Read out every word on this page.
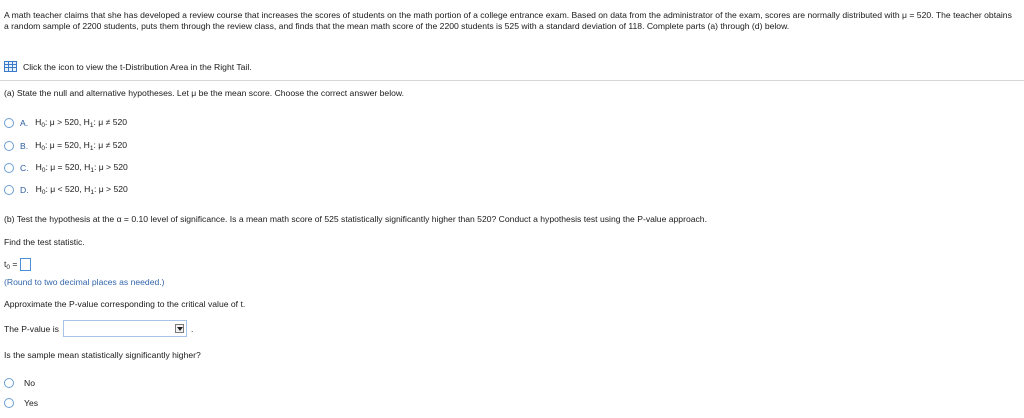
A math teacher claims that she has developed a review course that increases the scores of students on the math portion of a college entrance exam. Based on data from the administrator of the exam, scores are normally distributed with μ = 520. The teacher obtains a random sample of 2200 students, puts them through the review class, and finds that the mean math score of the 2200 students is 525 with a standard deviation of 118. Complete parts (a) through (d) below.
Click the icon to view the t-Distribution Area in the Right Tail.
(a) State the null and alternative hypotheses. Let μ be the mean score. Choose the correct answer below.
A. $H_0$: μ > 520, $H_1$: μ ≠ 520
B. $H_0$: μ = 520, $H_1$: μ ≠ 520
C. $H_0$: μ = 520, $H_1$: μ > 520
D. $H_0$: μ < 520, $H_1$: μ > 520
(b) Test the hypothesis at the α = 0.10 level of significance. Is a mean math score of 525 statistically significantly higher than 520? Conduct a hypothesis test using the P-value approach.
Find the test statistic.
$t_0$ =
(Round to two decimal places as needed.)
Approximate the P-value corresponding to the critical value of t.
The P-value is	.
Is the sample mean statistically significantly higher?
No
Yes
